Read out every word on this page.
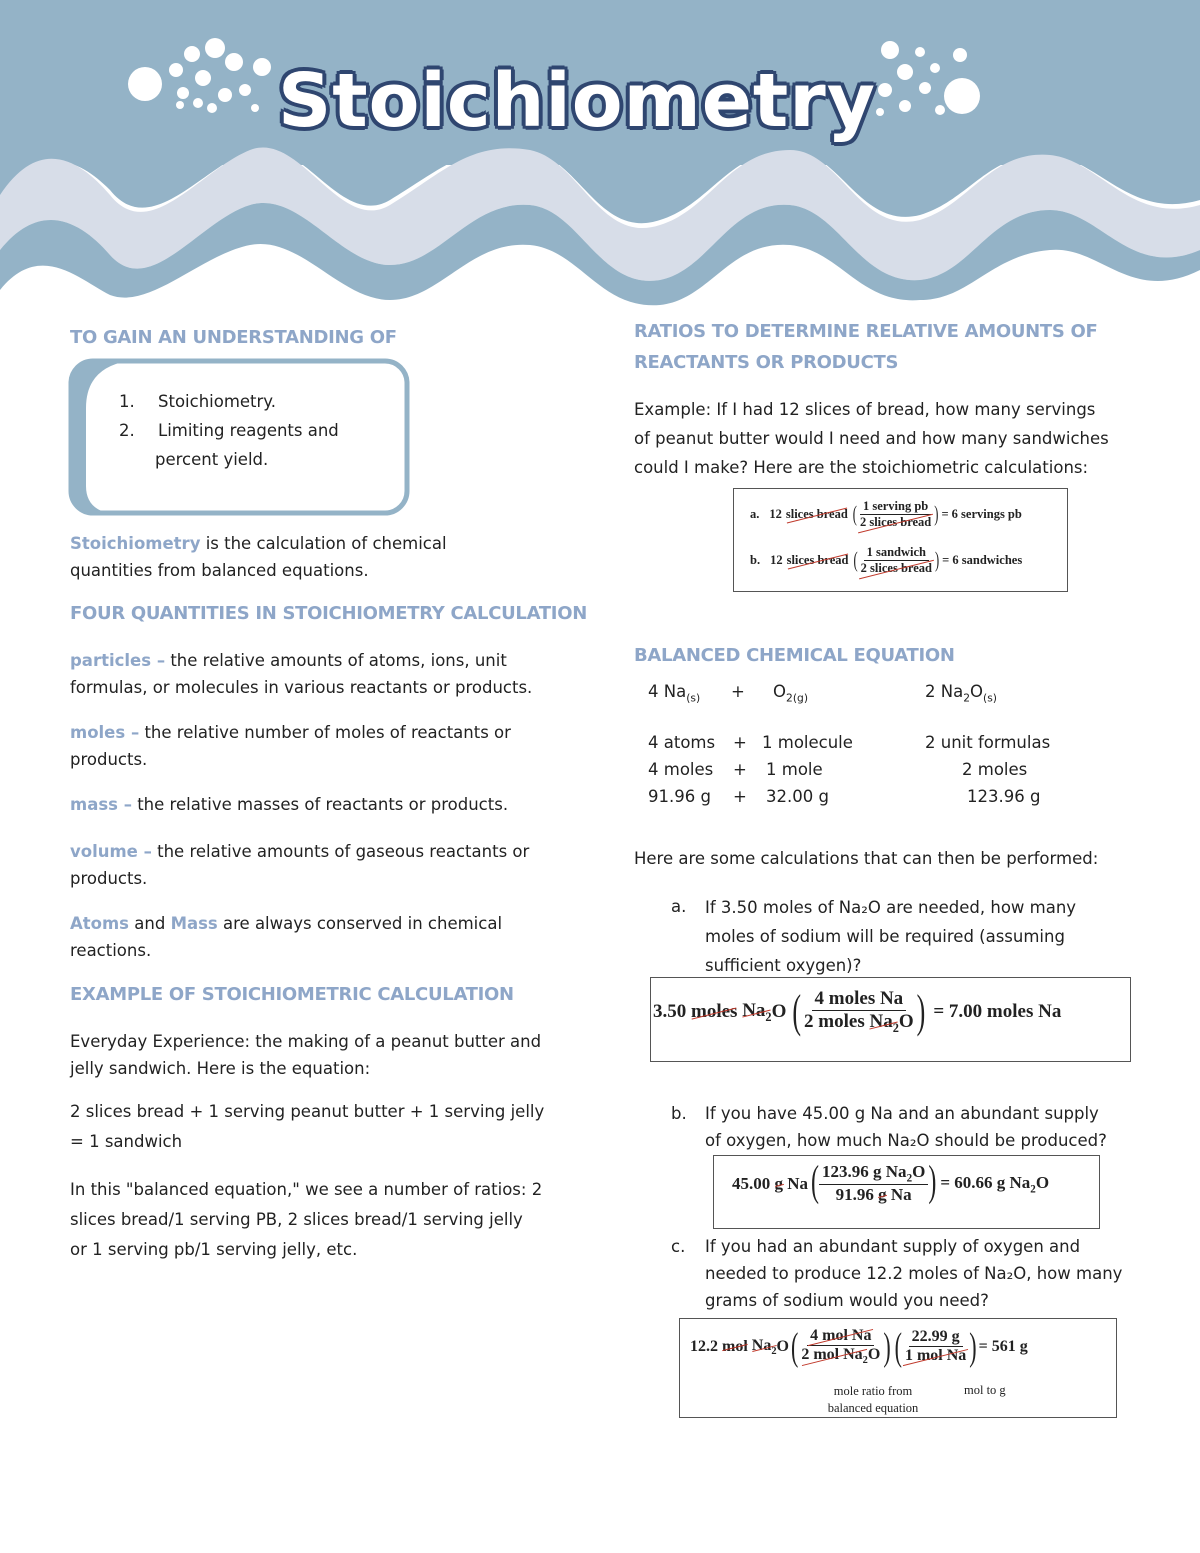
Stoichiometry
TO GAIN AN UNDERSTANDING OF
1. Stoichiometry.
2. Limiting reagents and
percent yield.
Stoichiometry is the calculation of chemical
quantities from balanced equations.
FOUR QUANTITIES IN STOICHIOMETRY CALCULATION
particles – the relative amounts of atoms, ions, unit
formulas, or molecules in various reactants or products.
moles – the relative number of moles of reactants or
products.
mass – the relative masses of reactants or products.
volume – the relative amounts of gaseous reactants or
products.
Atoms and Mass are always conserved in chemical
reactions.
EXAMPLE OF STOICHIOMETRIC CALCULATION
Everyday Experience: the making of a peanut butter and
jelly sandwich. Here is the equation:
2 slices bread + 1 serving peanut butter + 1 serving jelly
= 1 sandwich
In this "balanced equation," we see a number of ratios: 2
slices bread/1 serving PB, 2 slices bread/1 serving jelly
or 1 serving pb/1 serving jelly, etc.
RATIOS TO DETERMINE RELATIVE AMOUNTS OF
REACTANTS OR PRODUCTS
Example: If I had 12 slices of bread, how many servings
of peanut butter would I need and how many sandwiches
could I make? Here are the stoichiometric calculations:
a. 12 slices bread ( $\frac{\text{1 serving pb}}{\text{2 slices bread}}$ ) = 6 servings pb
b. 12 slices bread ( $\frac{\text{1 sandwich}}{\text{2 slices bread}}$ ) = 6 sandwiches
BALANCED CHEMICAL EQUATION
4 $Na_{(s)} + O_{2(g)}$	2 $Na_2O_{(s)}$
4 atoms + 1 molecule	2 unit formulas
4 moles + 1 mole	2 moles
91.96 g + 32.00 g	123.96 g
Here are some calculations that can then be performed:
a. If 3.50 moles of Na₂O are needed, how many
moles of sodium will be required (assuming
sufficient oxygen)?
3.50
moles
$Na_2$ O ( $\frac{\text{4 moles Na}}{2 moles Na_2O}$ ) = 7.00 moles Na
b. If you have 45.00 g Na and an abundant supply
of oxygen, how much Na₂O should be produced?
45.00
g
Na ( $\frac{123.96 g Na_2O}{\text{91.96 g Na}}$ ) = 60.66 g $Na_2O$
c. If you had an abundant supply of oxygen and
needed to produce 12.2 moles of Na₂O, how many
grams of sodium would you need?
12.2
mol
$Na_2$ O ( $\frac{\text{4 mol Na}}{2 mol Na_2O}$ ) ( $\frac{22.99 g}{\text{1 mol Na}}$ ) = 561 g
mole ratio from
balanced equation
mol to g
